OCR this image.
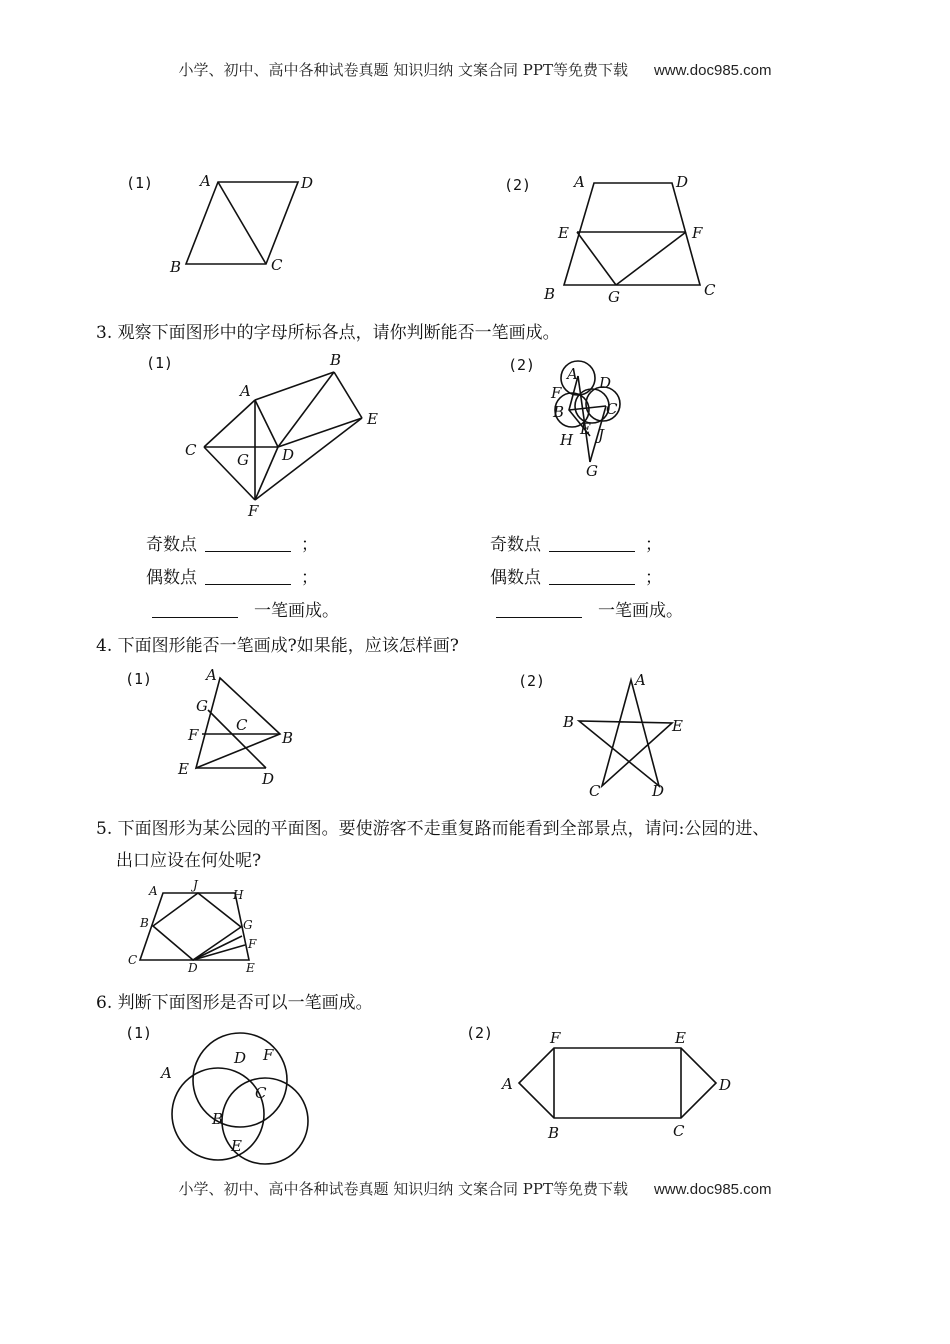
小学、初中、高中各种试卷真题 知识归纳 文案合同 PPT等免费下载 www.doc985.com
(1)	A	D
B	C
(2)	A	D
E	F
B	G	C
3. 观察下面图形中的字母所标各点，请你判断能否一笔画成。
(1)
A
B
C
G D
E
F
(2) A D
F
B	C
E
H J
G
奇数点	；
偶数点	；
一笔画成。
奇数点	；
偶数点	；
一笔画成。
4. 下面图形能否一笔画成?如果能，应该怎样画?
(1)	A
G
C
F	B
E
D
(2)	A
B	E
C	D
5. 下面图形为某公园的平面图。要使游客不走重复路而能看到全部景点，请问:公园的进、
出口应设在何处呢?
A	J
H
B	G
F
C
D	E
6. 判断下面图形是否可以一笔画成。
(1)
A
D F
C
B
E
(2)	F	E
A	D
B	C
小学、初中、高中各种试卷真题 知识归纳 文案合同 PPT等免费下载 www.doc985.com
